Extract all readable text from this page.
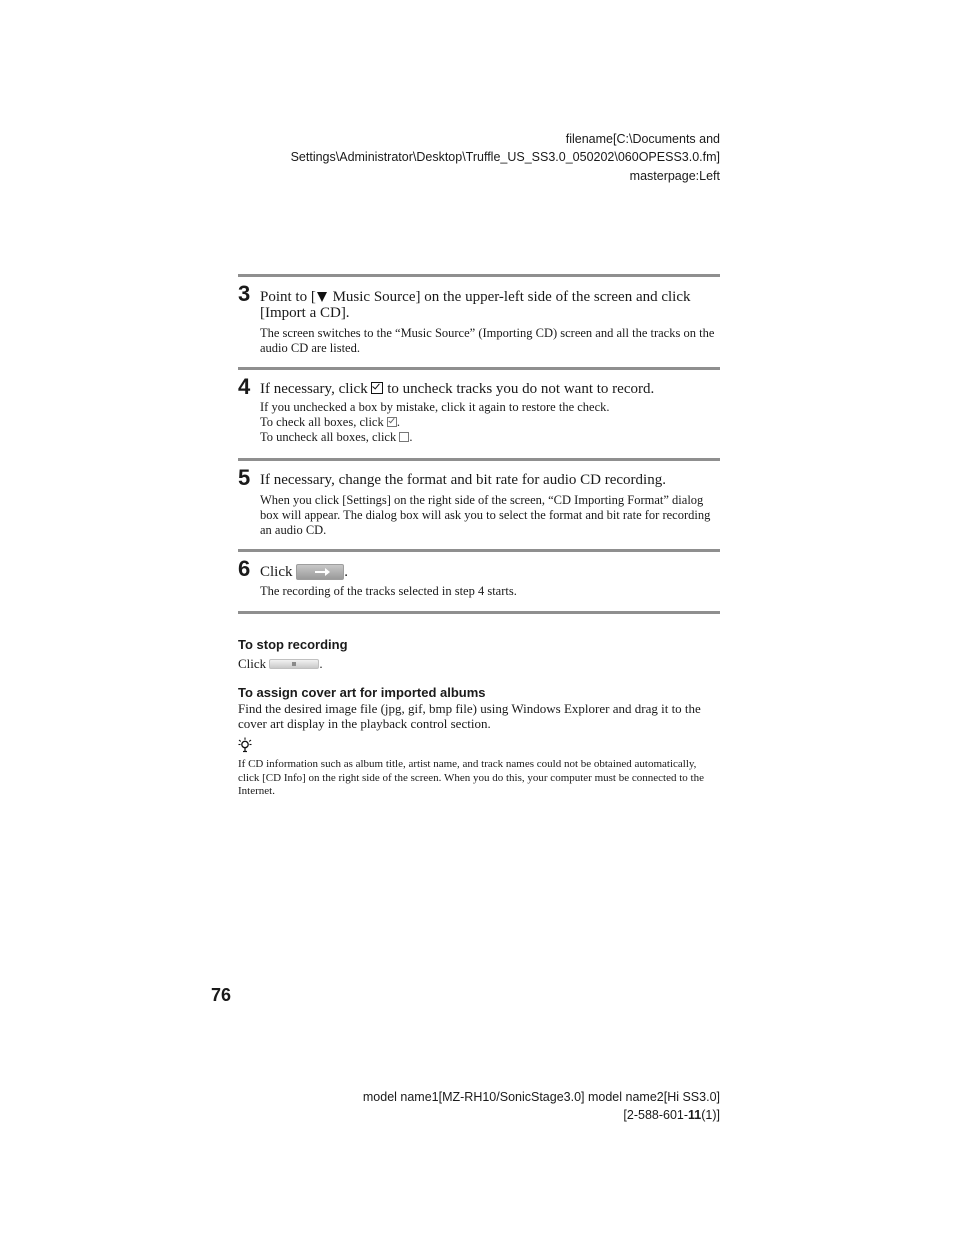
filename[C:\Documents and
Settings\Administrator\Desktop\Truffle_US_SS3.0_050202\060OPESS3.0.fm]
masterpage:Left
3 Point to [ Music Source] on the upper-left side of the screen and click [Import a CD].
The screen switches to the “Music Source” (Importing CD) screen and all the tracks on the audio CD are listed.
4 If necessary, click
to uncheck tracks you do not want to record.
If you unchecked a box by mistake, click it again to restore the check.
To check all boxes, click
.
To uncheck all boxes, click .
5 If necessary, change the format and bit rate for audio CD recording.
When you click [Settings] on the right side of the screen, “CD Importing Format” dialog box will appear. The dialog box will ask you to select the format and bit rate for recording an audio CD.
6 Click	.
The recording of the tracks selected in step 4 starts.
To stop recording
Click	.
To assign cover art for imported albums
Find the desired image file (jpg, gif, bmp file) using Windows Explorer and drag it to the cover art display in the playback control section.
If CD information such as album title, artist name, and track names could not be obtained automatically, click [CD Info] on the right side of the screen. When you do this, your computer must be connected to the Internet.
76
model name1[MZ-RH10/SonicStage3.0] model name2[Hi SS3.0]
[2-588-601-11(1)]
